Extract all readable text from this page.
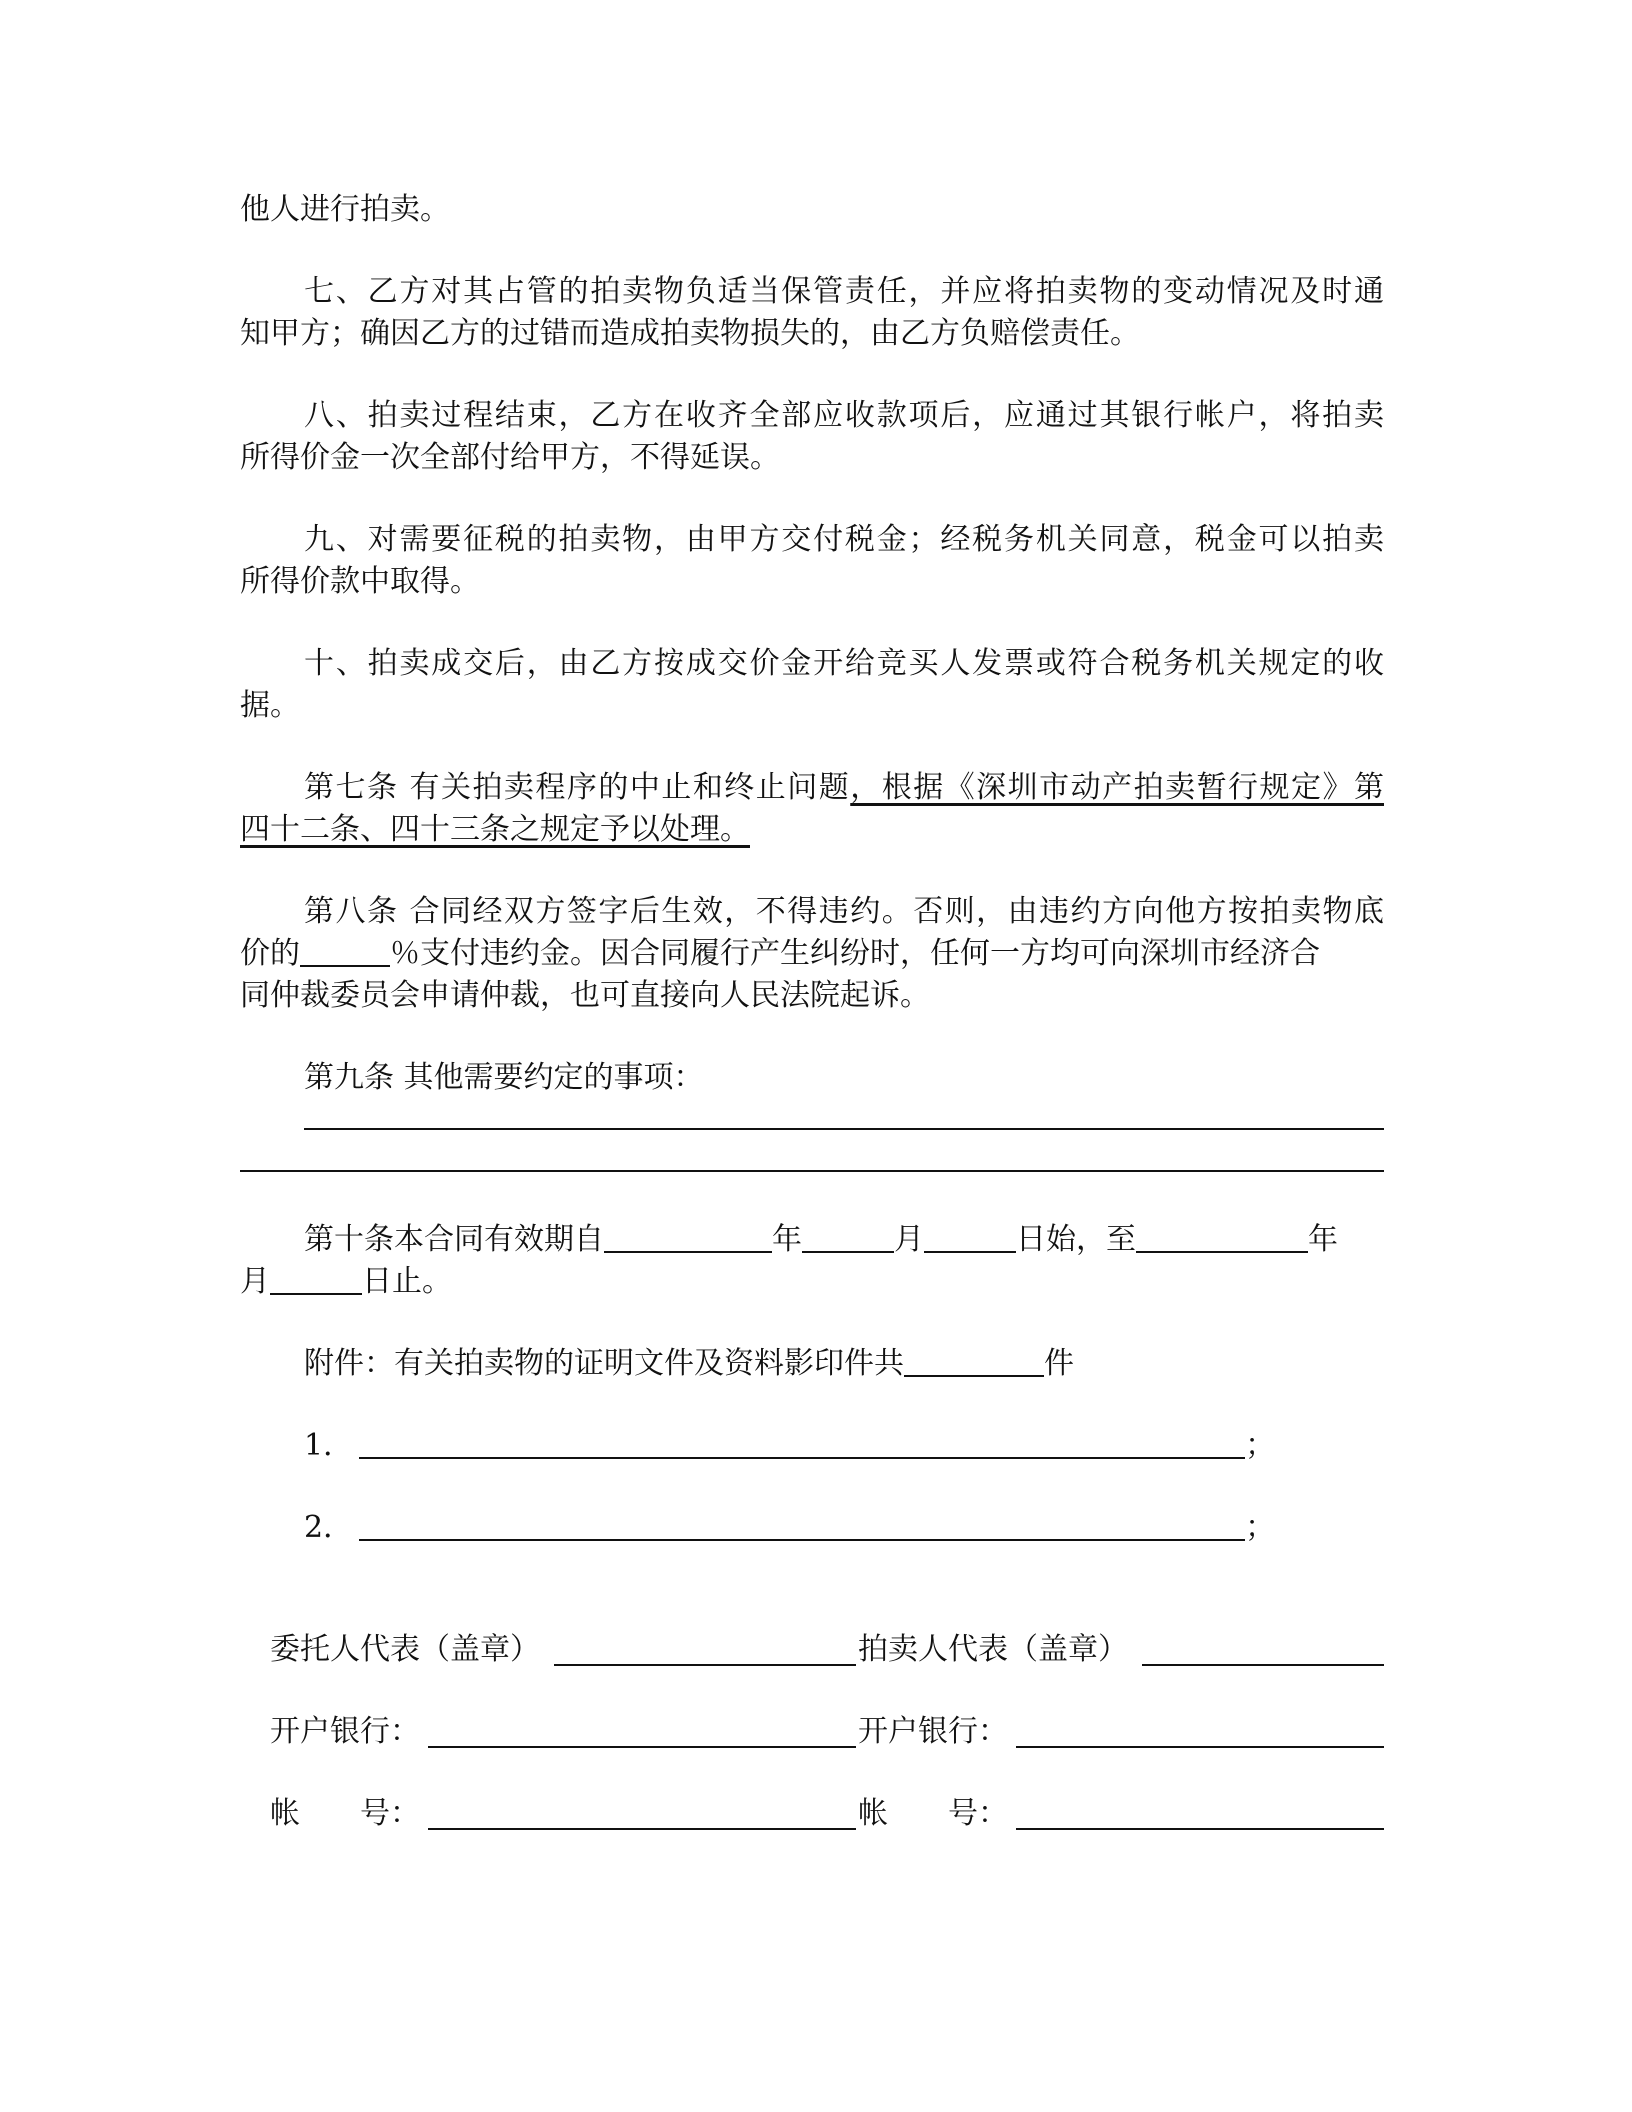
他人进行拍卖。
七、乙方对其占管的拍卖物负适当保管责任，并应将拍卖物的变动情况及时通
知甲方；确因乙方的过错而造成拍卖物损失的，由乙方负赔偿责任。
八、拍卖过程结束，乙方在收齐全部应收款项后，应通过其银行帐户，将拍卖
所得价金一次全部付给甲方，不得延误。
九、对需要征税的拍卖物，由甲方交付税金；经税务机关同意，税金可以拍卖
所得价款中取得。
十、拍卖成交后，由乙方按成交价金开给竞买人发票或符合税务机关规定的收
据。
第七条 有关拍卖程序的中止和终止问题，根据《深圳市动产拍卖暂行规定》第
四十二条、四十三条之规定予以处理。
第八条 合同经双方签字后生效，不得违约。否则，由违约方向他方按拍卖物底
价的	％支付违约金。因合同履行产生纠纷时，任何一方均可向深圳市经济合
同仲裁委员会申请仲裁，也可直接向人民法院起诉。
第九条 其他需要约定的事项：
第十条本合同有效期自	年	月	日始，至	年
月	日止。
附件：有关拍卖物的证明文件及资料影印件共	件
1．	；
2．	；
委托人代表（盖章）	拍卖人代表（盖章）
开户银行：	开户银行：
帐　　号：	帐　　号：
